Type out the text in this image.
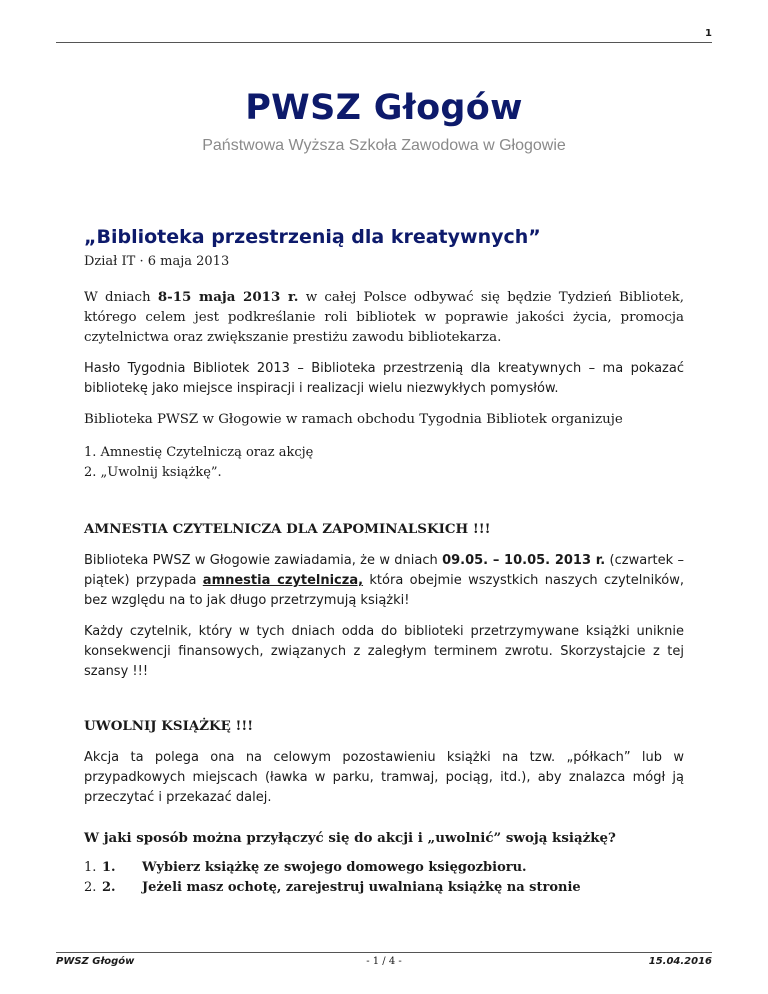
1
PWSZ Głogów
Państwowa Wyższa Szkoła Zawodowa w Głogowie
„Biblioteka przestrzenią dla kreatywnych”
Dział IT · 6 maja 2013

W dniach 8-15 maja 2013 r. w całej Polsce odbywać się będzie Tydzień Bibliotek, którego celem jest podkreślanie roli bibliotek w poprawie jakości życia, promocja czytelnictwa oraz zwiększanie prestiżu zawodu bibliotekarza.

Hasło Tygodnia Bibliotek 2013 – Biblioteka przestrzenią dla kreatywnych – ma pokazać bibliotekę jako miejsce inspiracji i realizacji wielu niezwykłych pomysłów.

Biblioteka PWSZ w Głogowie w ramach obchodu Tygodnia Bibliotek organizuje

1. Amnestię Czytelniczą oraz akcję
2. „Uwolnij książkę”.
AMNESTIA CZYTELNICZA DLA ZAPOMINALSKICH !!!

Biblioteka PWSZ w Głogowie zawiadamia, że w dniach 09.05. – 10.05. 2013 r. (czwartek – piątek) przypada amnestia czytelnicza, która obejmie wszystkich naszych czytelników, bez względu na to jak długo przetrzymują książki!

Każdy czytelnik, który w tych dniach odda do biblioteki przetrzymywane książki uniknie konsekwencji finansowych, związanych z zaległym terminem zwrotu. Skorzystajcie z tej szansy !!!

UWOLNIJ KSIĄŻKĘ !!!

Akcja ta polega ona na celowym pozostawieniu książki na tzw. „półkach” lub w przypadkowych miejscach (ławka w parku, tramwaj, pociąg, itd.), aby znalazca mógł ją przeczytać i przekazać dalej.

W jaki sposób można przyłączyć się do akcji i „uwolnić” swoją książkę?
1. 1.	Wybierz książkę ze swojego domowego księgozbioru.
2. 2.	Jeżeli masz ochotę, zarejestruj uwalnianą książkę na stronie
PWSZ Głogów	- 1 / 4 -	15.04.2016
